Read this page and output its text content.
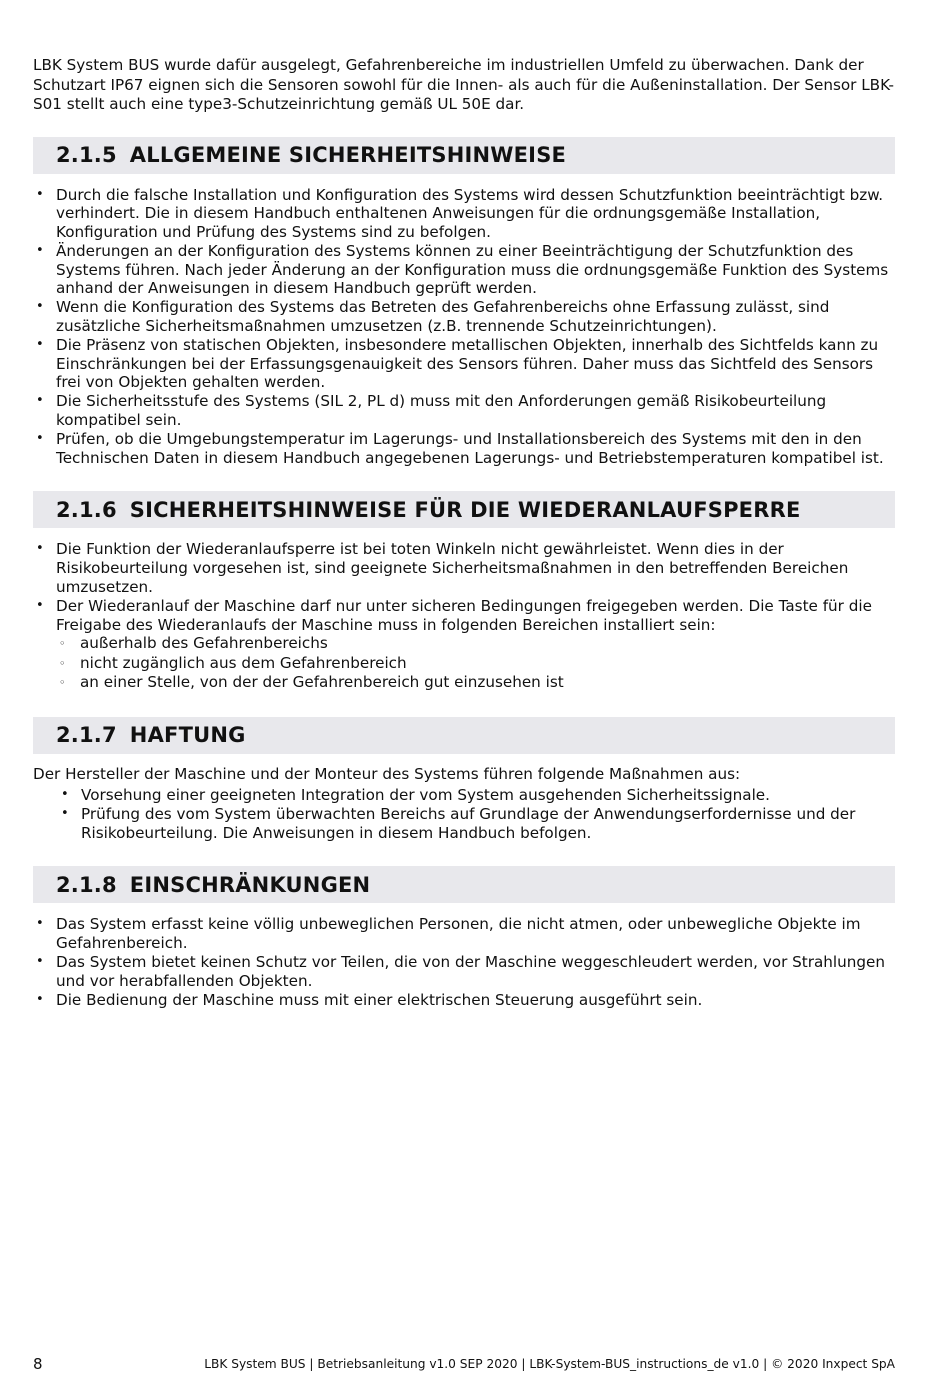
LBK System BUS wurde dafür ausgelegt, Gefahrenbereiche im industriellen Umfeld zu überwachen. Dank der Schutzart IP67 eignen sich die Sensoren sowohl für die Innen- als auch für die Außeninstallation. Der Sensor LBK-S01 stellt auch eine type3-Schutzeinrichtung gemäß UL 50E dar.

2.1.5 ALLGEMEINE SICHERHEITSHINWEISE
• Durch die falsche Installation und Konfiguration des Systems wird dessen Schutzfunktion beeinträchtigt bzw. verhindert. Die in diesem Handbuch enthaltenen Anweisungen für die ordnungsgemäße Installation, Konfiguration und Prüfung des Systems sind zu befolgen.
• Änderungen an der Konfiguration des Systems können zu einer Beeinträchtigung der Schutzfunktion des Systems führen. Nach jeder Änderung an der Konfiguration muss die ordnungsgemäße Funktion des Systems anhand der Anweisungen in diesem Handbuch geprüft werden.
• Wenn die Konfiguration des Systems das Betreten des Gefahrenbereichs ohne Erfassung zulässt, sind zusätzliche Sicherheitsmaßnahmen umzusetzen (z.B. trennende Schutzeinrichtungen).
• Die Präsenz von statischen Objekten, insbesondere metallischen Objekten, innerhalb des Sichtfelds kann zu Einschränkungen bei der Erfassungsgenauigkeit des Sensors führen. Daher muss das Sichtfeld des Sensors frei von Objekten gehalten werden.
• Die Sicherheitsstufe des Systems (SIL 2, PL d) muss mit den Anforderungen gemäß Risikobeurteilung kompatibel sein.
• Prüfen, ob die Umgebungstemperatur im Lagerungs- und Installationsbereich des Systems mit den in den Technischen Daten in diesem Handbuch angegebenen Lagerungs- und Betriebstemperaturen kompatibel ist.
2.1.6 SICHERHEITSHINWEISE FÜR DIE WIEDERANLAUFSPERRE
• Die Funktion der Wiederanlaufsperre ist bei toten Winkeln nicht gewährleistet. Wenn dies in der Risikobeurteilung vorgesehen ist, sind geeignete Sicherheitsmaßnahmen in den betreffenden Bereichen umzusetzen.
• Der Wiederanlauf der Maschine darf nur unter sicheren Bedingungen freigegeben werden. Die Taste für die Freigabe des Wiederanlaufs der Maschine muss in folgenden Bereichen installiert sein:
◦ außerhalb des Gefahrenbereichs
◦ nicht zugänglich aus dem Gefahrenbereich
◦ an einer Stelle, von der der Gefahrenbereich gut einzusehen ist
2.1.7 HAFTUNG

Der Hersteller der Maschine und der Monteur des Systems führen folgende Maßnahmen aus:

• Vorsehung einer geeigneten Integration der vom System ausgehenden Sicherheitssignale.
• Prüfung des vom System überwachten Bereichs auf Grundlage der Anwendungserfordernisse und der Risikobeurteilung. Die Anweisungen in diesem Handbuch befolgen.
2.1.8 EINSCHRÄNKUNGEN
• Das System erfasst keine völlig unbeweglichen Personen, die nicht atmen, oder unbewegliche Objekte im Gefahrenbereich.
• Das System bietet keinen Schutz vor Teilen, die von der Maschine weggeschleudert werden, vor Strahlungen und vor herabfallenden Objekten.
• Die Bedienung der Maschine muss mit einer elektrischen Steuerung ausgeführt sein.
8	LBK System BUS | Betriebsanleitung v1.0 SEP 2020 | LBK-System-BUS_instructions_de v1.0 | © 2020 Inxpect SpA
